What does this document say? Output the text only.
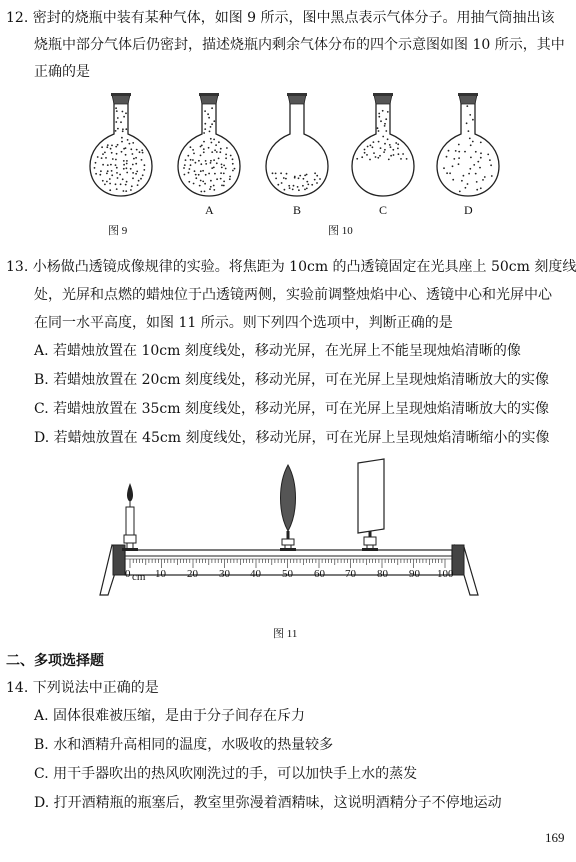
12. 密封的烧瓶中装有某种气体，如图 9 所示，图中黑点表示气体分子。用抽气筒抽出该
烧瓶中部分气体后仍密封，描述烧瓶内剩余气体分布的四个示意图如图 10 所示，其中
正确的是
A	B	C	D
图 9	图 10
13. 小杨做凸透镜成像规律的实验。将焦距为 10cm 的凸透镜固定在光具座上 50cm 刻度线
处，光屏和点燃的蜡烛位于凸透镜两侧，实验前调整烛焰中心、透镜中心和光屏中心
在同一水平高度，如图 11 所示。则下列四个选项中，判断正确的是
A. 若蜡烛放置在 10cm 刻度线处，移动光屏，在光屏上不能呈现烛焰清晰的像
B. 若蜡烛放置在 20cm 刻度线处，移动光屏，可在光屏上呈现烛焰清晰放大的实像
C. 若蜡烛放置在 35cm 刻度线处，移动光屏，可在光屏上呈现烛焰清晰放大的实像
D. 若蜡烛放置在 45cm 刻度线处，移动光屏，可在光屏上呈现烛焰清晰缩小的实像
0 cm 10 20 30 40 50 60 70 80 90 100
图 11
二、多项选择题
14. 下列说法中正确的是
A. 固体很难被压缩，是由于分子间存在斥力
B. 水和酒精升高相同的温度，水吸收的热量较多
C. 用干手器吹出的热风吹刚洗过的手，可以加快手上水的蒸发
D. 打开酒精瓶的瓶塞后，教室里弥漫着酒精味，这说明酒精分子不停地运动
169
